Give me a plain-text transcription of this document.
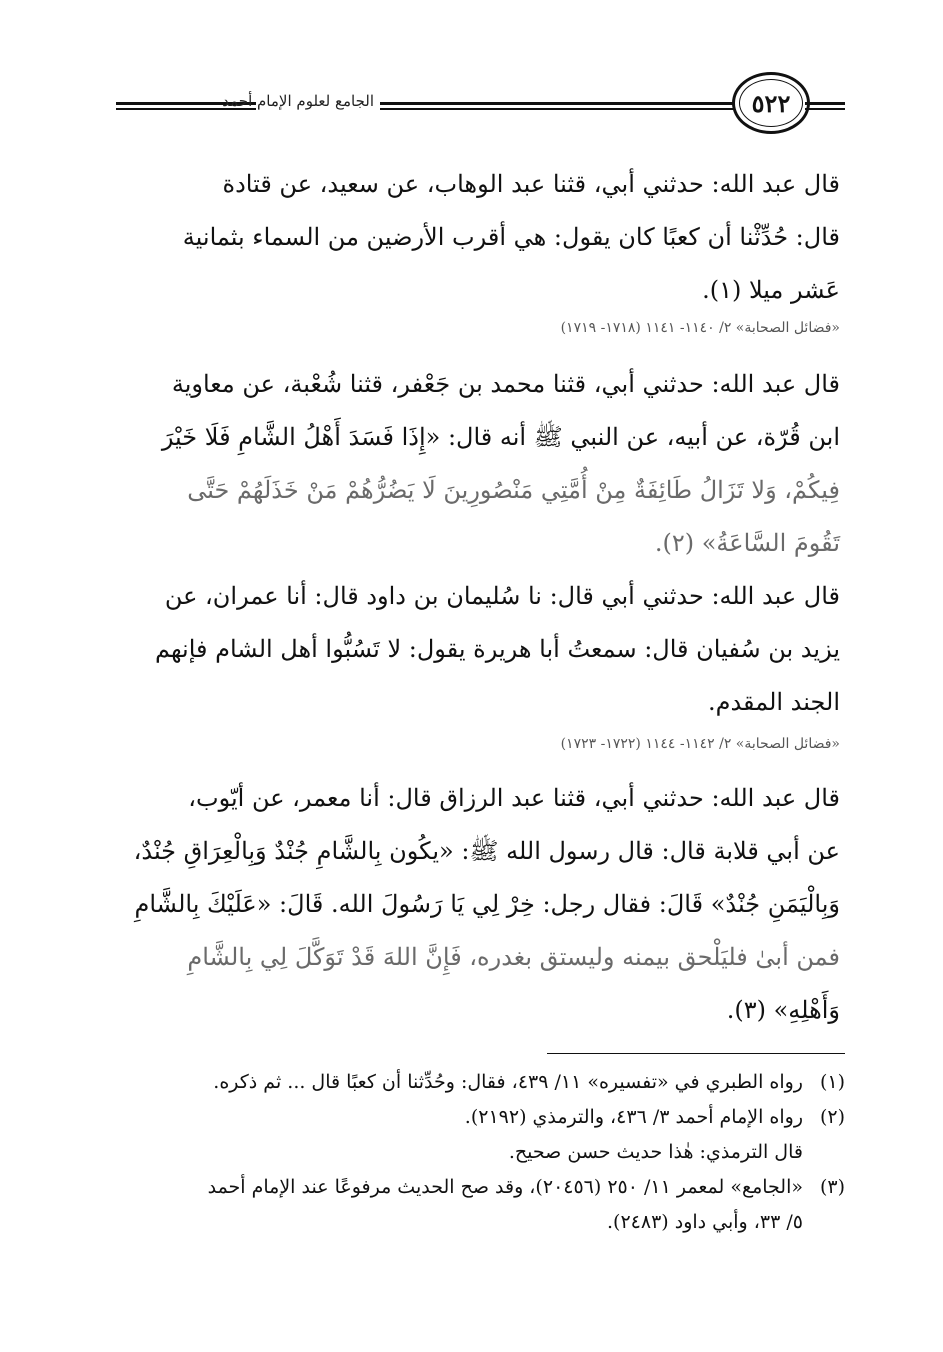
الجامع لعلوم الإمام أحمد	٥٢٢

قال عبد الله: حدثني أبي، قثنا عبد الوهاب، عن سعيد، عن قتادة

قال: حُدِّثْنا أن كعبًا كان يقول: هي أقرب الأرضين من السماء بثمانية

عَشر ميلا (١).

«فضائل الصحابة» ٢/ ١١٤٠- ١١٤١ (١٧١٨- ١٧١٩)

قال عبد الله: حدثني أبي، قثنا محمد بن جَعْفر، قثنا شُعْبة، عن معاوية

ابن قُرّة، عن أبيه، عن النبي ﷺ أنه قال: «إِذَا فَسَدَ أَهْلُ الشَّامِ فَلَا خَيْرَ

فِيكُمْ، وَلا تَزَالُ طَائِفَةٌ مِنْ أُمَّتِي مَنْصُورِينَ لَا يَضُرُّهُمْ مَنْ خَذَلَهُمْ حَتَّى

تَقُومَ السَّاعَةُ» (٢).

قال عبد الله: حدثني أبي قال: نا سُليمان بن داود قال: أنا عمران، عن

يزيد بن سُفيان قال: سمعتُ أبا هريرة يقول: لا تَسُبُّوا أهل الشام فإنهم

الجند المقدم.

«فضائل الصحابة» ٢/ ١١٤٢- ١١٤٤ (١٧٢٢- ١٧٢٣)

قال عبد الله: حدثني أبي، قثنا عبد الرزاق قال: أنا معمر، عن أيّوب،

عن أبي قلابة قال: قال رسول الله ﷺ: «يكُون بِالشَّامِ جُنْدٌ وَبِالْعِرَاقِ جُنْدٌ،

وَبِالْيَمَنِ جُنْدٌ» قَالَ: فقال رجل: خِرْ لِي يَا رَسُولَ الله. قَالَ: «عَلَيْكَ بِالشَّامِ

فمن أبىٰ فليَلْحق بيمنه وليستق بغدره، فَإِنَّ اللهَ قَدْ تَوَكَّلَ لِي بِالشَّامِ

وَأَهْلِهِ» (٣).

(١)
رواه الطبري في «تفسيره» ١١/ ٤٣٩، فقال: وحُدِّثنا أن كعبًا قال ... ثم ذكره.
(٢)
رواه الإمام أحمد ٣/ ٤٣٦، والترمذي (٢١٩٢).
قال الترمذي: هٰذا حديث حسن صحيح.
(٣)
«الجامع» لمعمر ١١/ ٢٥٠ (٢٠٤٥٦)، وقد صح الحديث مرفوعًا عند الإمام أحمد
٥/ ٣٣، وأبي داود (٢٤٨٣).
